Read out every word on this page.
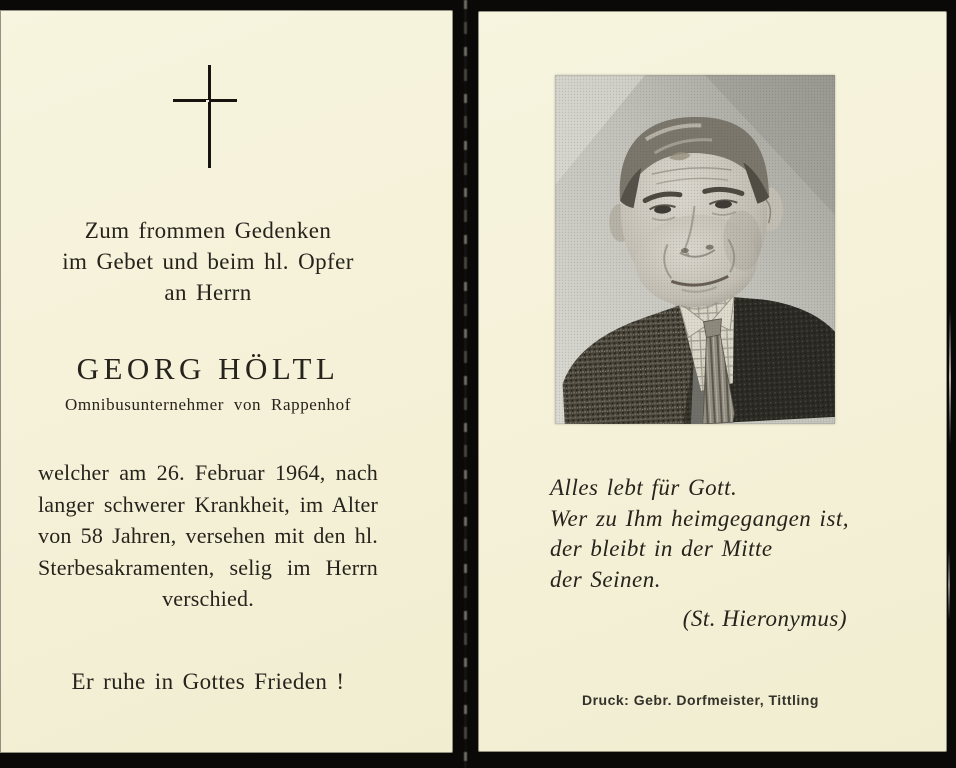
Zum frommen Gedenken
im Gebet und beim hl. Opfer
an Herrn
GEORG HÖLTL
Omnibusunternehmer von Rappenhof
welcher am 26. Februar 1964, nach
langer schwerer Krankheit, im Alter
von 58 Jahren, versehen mit den hl.
Sterbesakramenten, selig im Herrn
verschied.
Er ruhe in Gottes Frieden !
Alles lebt für Gott.
Wer zu Ihm heimgegangen ist,
der bleibt in der Mitte
der Seinen.
(St. Hieronymus)
Druck: Gebr. Dorfmeister, Tittling
